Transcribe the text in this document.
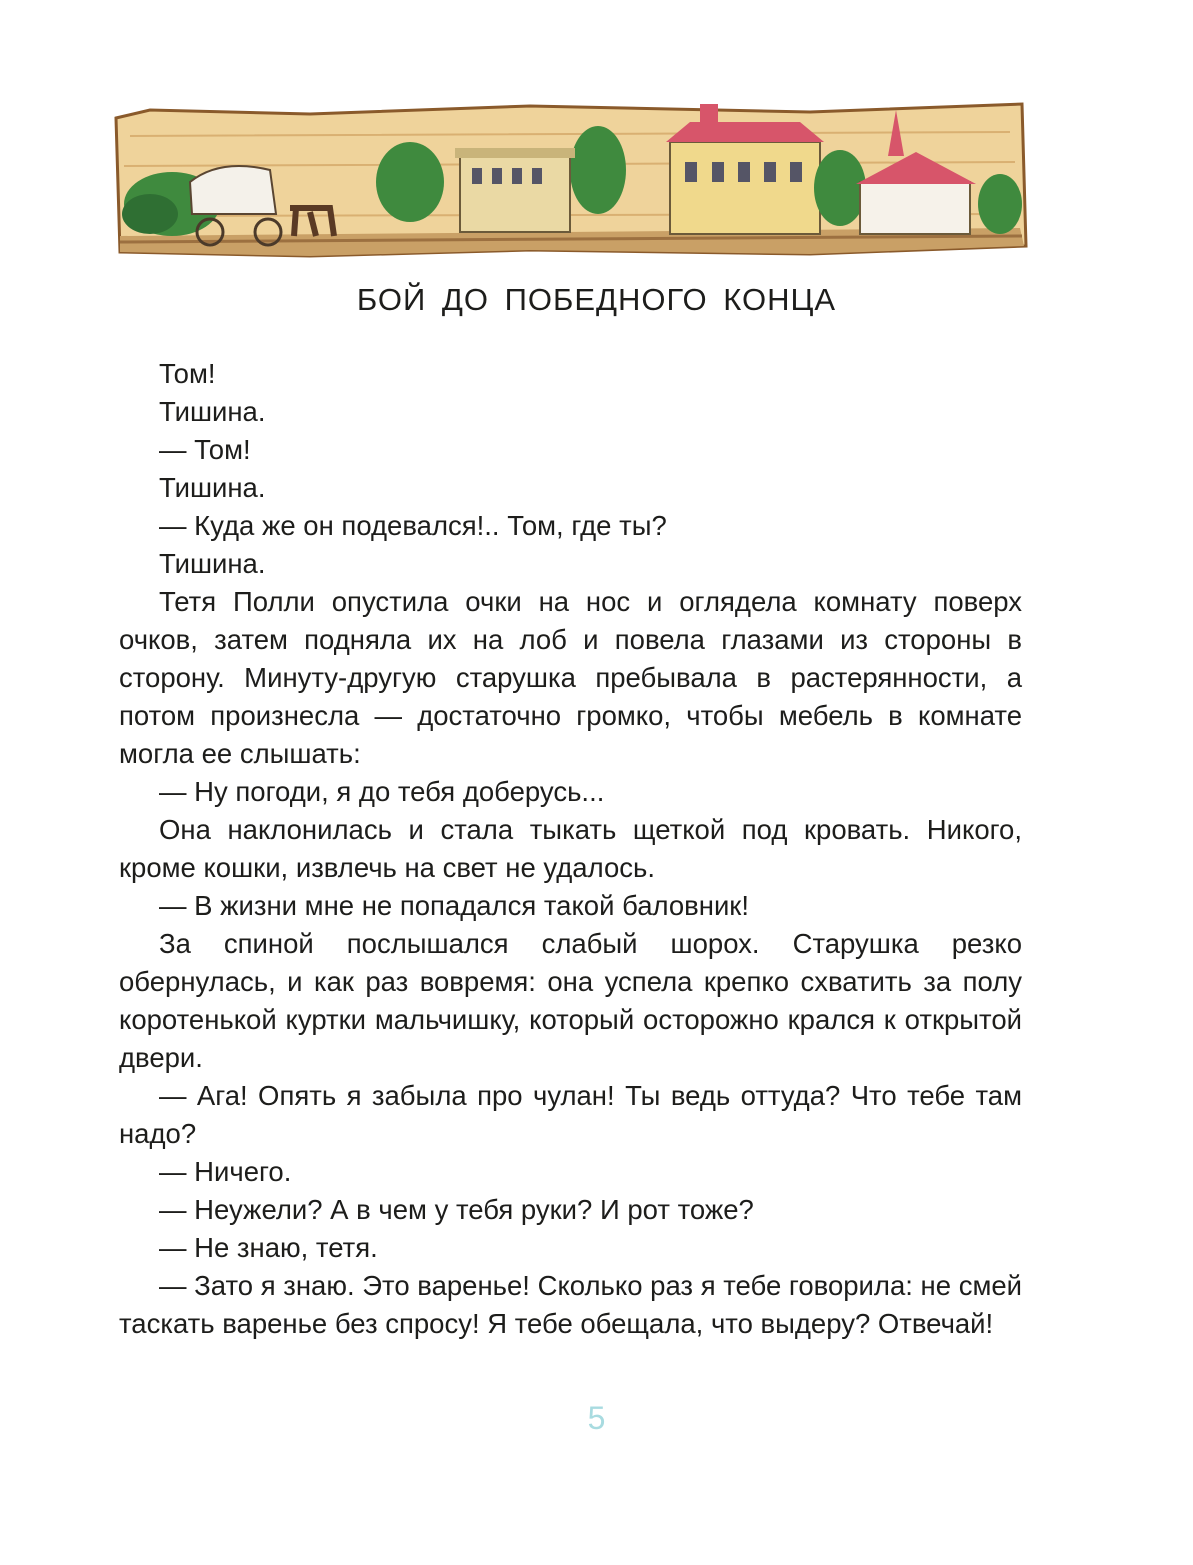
БОЙ ДО ПОБЕДНОГО КОНЦА

Том!

Тишина.

— Том!

Тишина.

— Куда же он подевался!.. Том, где ты?

Тишина.

Тетя Полли опустила очки на нос и оглядела комнату поверх очков, затем подняла их на лоб и повела глазами из стороны в сторону. Минуту-другую старушка пребывала в растерянности, а потом произнесла — достаточно громко, чтобы мебель в комнате могла ее слышать:

— Ну погоди, я до тебя доберусь...

Она наклонилась и стала тыкать щеткой под кровать. Никого, кроме кошки, извлечь на свет не удалось.

— В жизни мне не попадался такой баловник!

За спиной послышался слабый шорох. Старушка резко обернулась, и как раз вовремя: она успела крепко схватить за полу коротенькой куртки мальчишку, который осторожно крался к открытой двери.

— Ага! Опять я забыла про чулан! Ты ведь оттуда? Что тебе там надо?

— Ничего.

— Неужели? А в чем у тебя руки? И рот тоже?

— Не знаю, тетя.

— Зато я знаю. Это варенье! Сколько раз я тебе говорила: не смей таскать варенье без спросу! Я тебе обещала, что выдеру? Отвечай!

5
